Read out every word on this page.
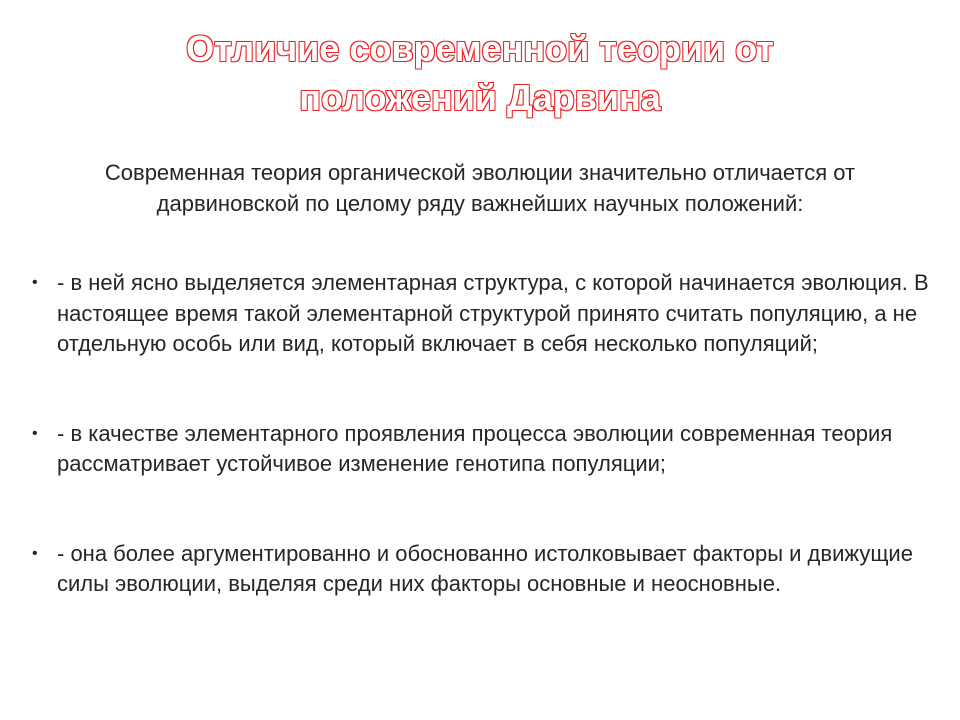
Отличие современной теории от
положений Дарвина

Современная теория органической эволюции значительно отличается от дарвиновской по целому ряду важнейших научных положений:

• - в ней ясно выделяется элементарная структура, с которой начинается эволюция. В настоящее время такой элементарной структурой принято считать популяцию, а не отдельную особь или вид, который включает в себя несколько популяций;
• - в качестве элементарного проявления процесса эволюции современная теория рассматривает устойчивое изменение генотипа популяции;
• - она более аргументированно и обоснованно истолковывает факторы и движущие силы эволюции, выделяя среди них факторы основные и неосновные.
